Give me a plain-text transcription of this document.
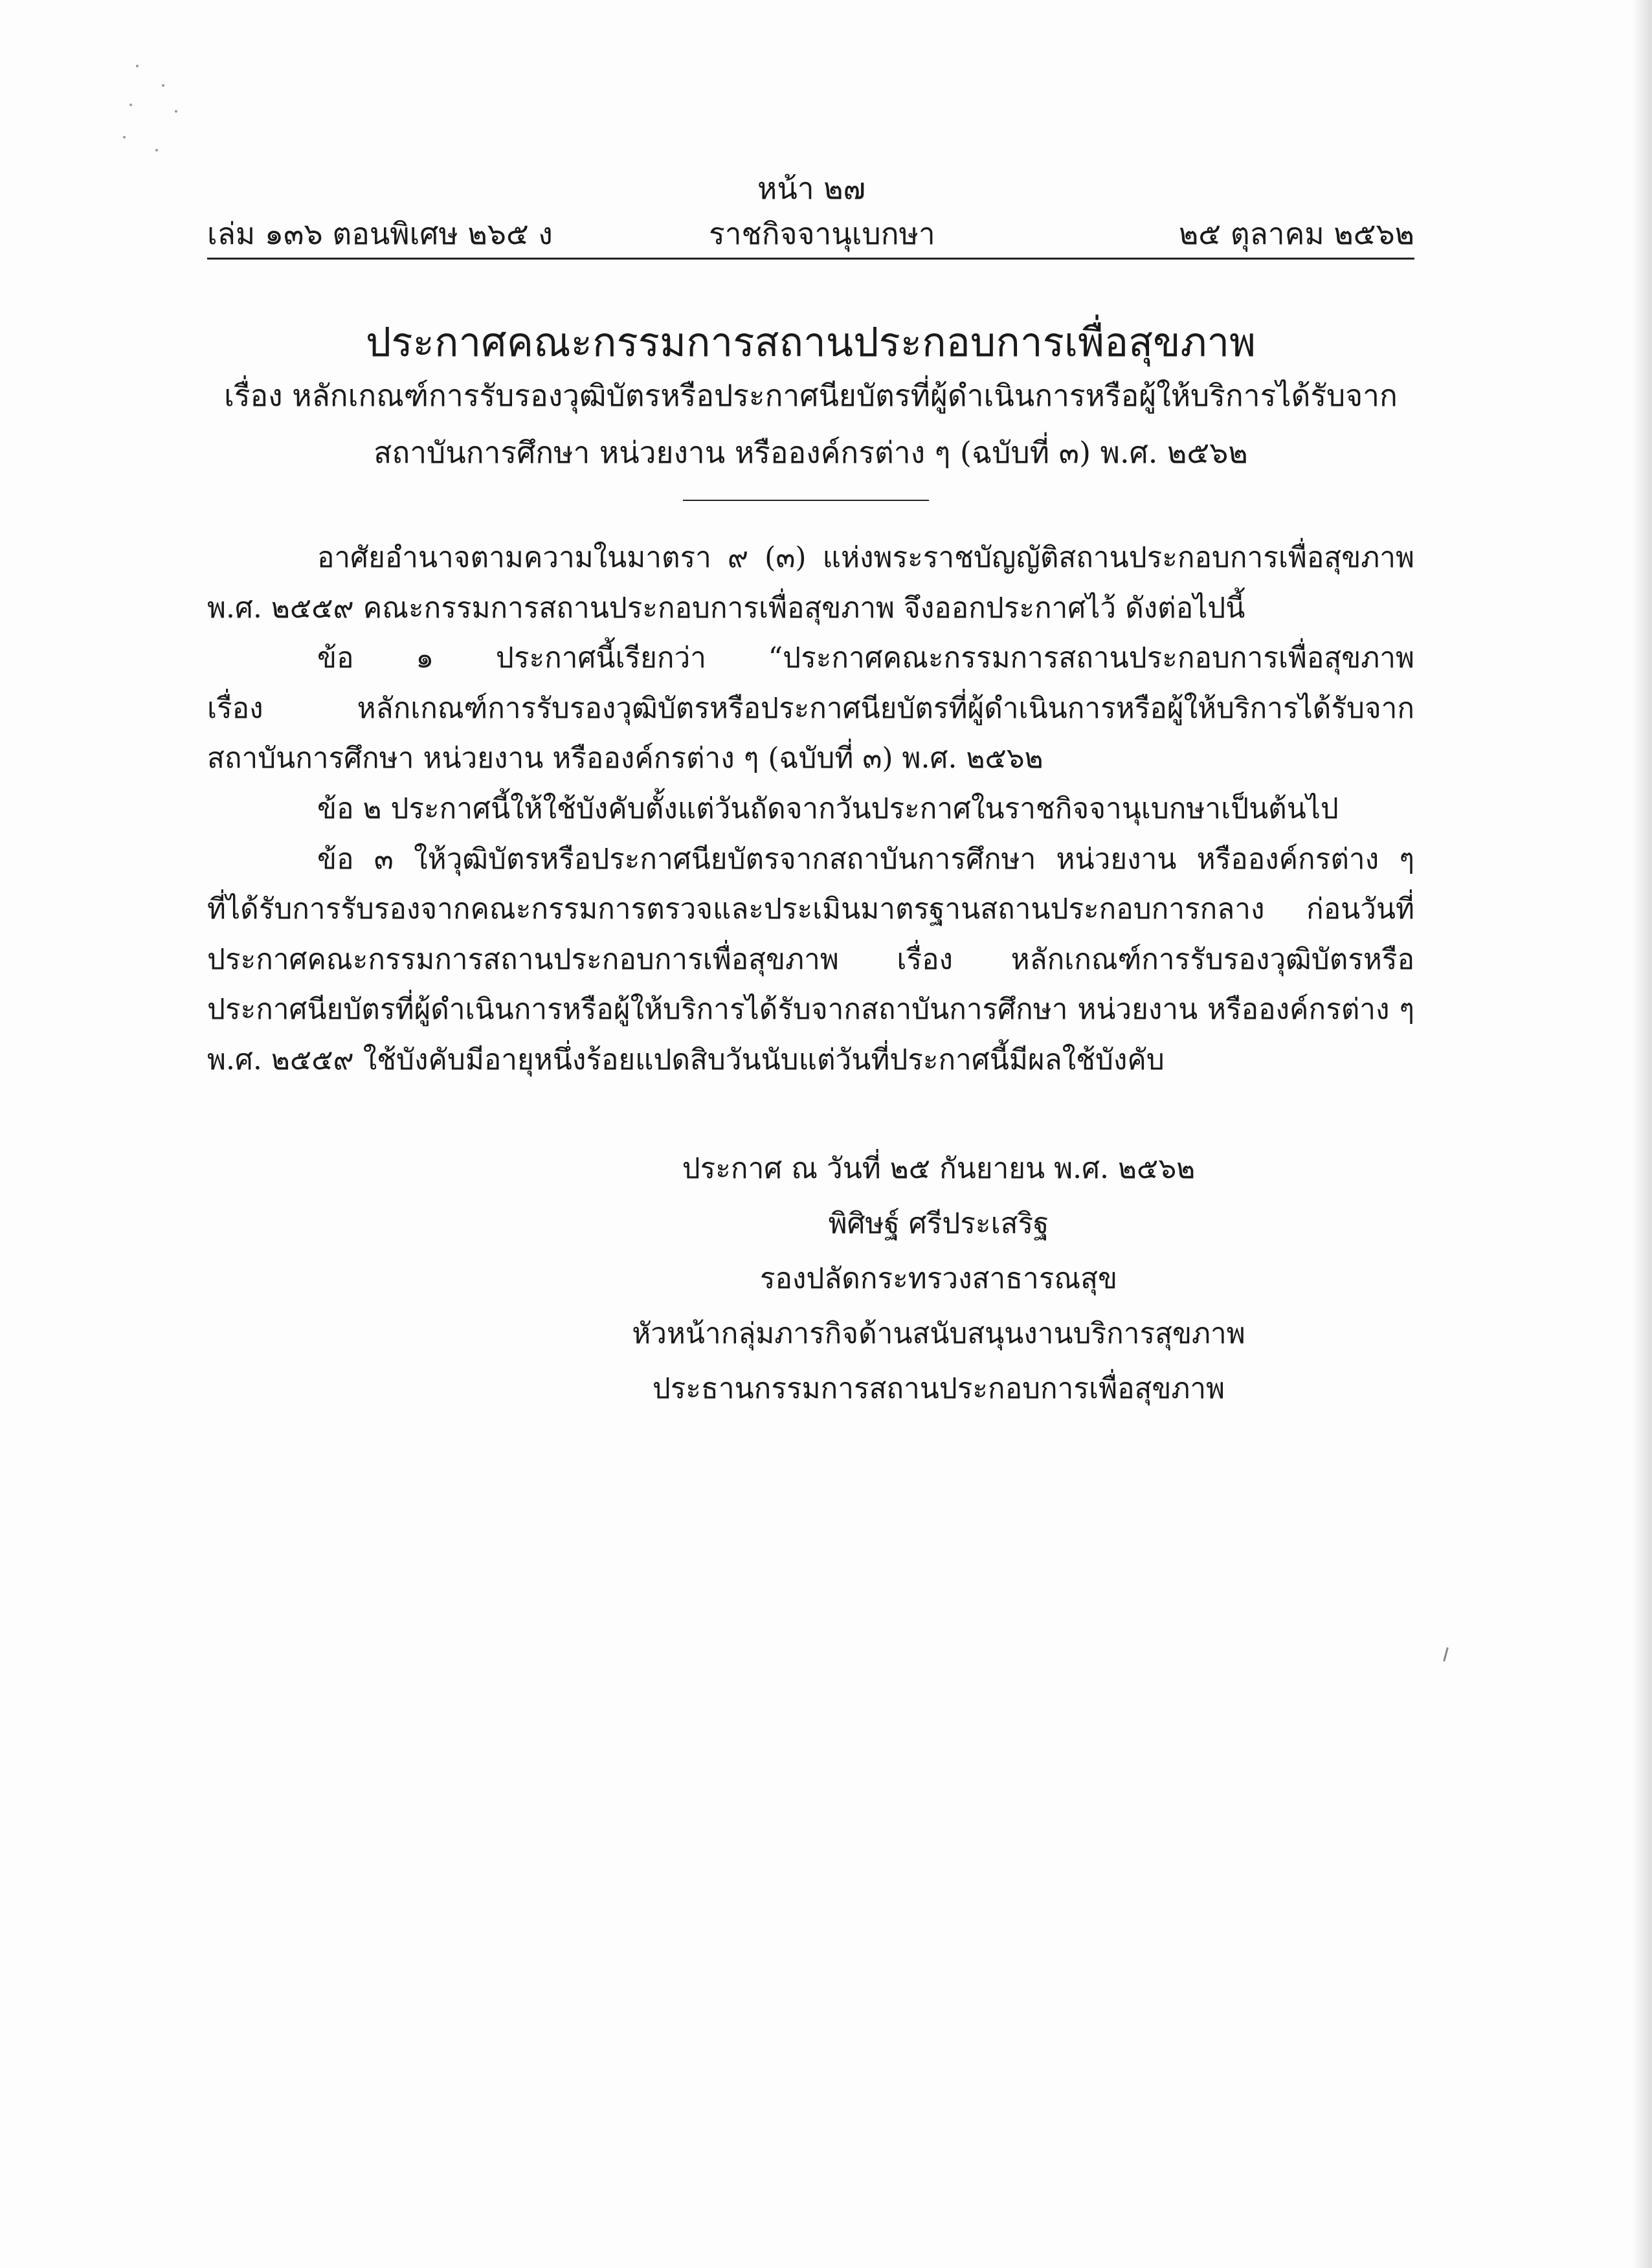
หน้า ๒๗
เล่ม ๑๓๖ ตอนพิเศษ ๒๖๕ ง	ราชกิจจานุเบกษา	๒๕ ตุลาคม ๒๕๖๒
ประกาศคณะกรรมการสถานประกอบการเพื่อสุขภาพ
เรื่อง หลักเกณฑ์การรับรองวุฒิบัตรหรือประกาศนียบัตรที่ผู้ดำเนินการหรือผู้ให้บริการได้รับจาก
สถาบันการศึกษา หน่วยงาน หรือองค์กรต่าง ๆ (ฉบับที่ ๓) พ.ศ. ๒๕๖๒
อาศัยอำนาจตามความในมาตรา ๙ (๓) แห่งพระราชบัญญัติสถานประกอบการเพื่อสุขภาพ
พ.ศ. ๒๕๕๙ คณะกรรมการสถานประกอบการเพื่อสุขภาพ จึงออกประกาศไว้ ดังต่อไปนี้
ข้อ ๑ ประกาศนี้เรียกว่า “ประกาศคณะกรรมการสถานประกอบการเพื่อสุขภาพ
เรื่อง หลักเกณฑ์การรับรองวุฒิบัตรหรือประกาศนียบัตรที่ผู้ดำเนินการหรือผู้ให้บริการได้รับจาก
สถาบันการศึกษา หน่วยงาน หรือองค์กรต่าง ๆ (ฉบับที่ ๓) พ.ศ. ๒๕๖๒
ข้อ ๒ ประกาศนี้ให้ใช้บังคับตั้งแต่วันถัดจากวันประกาศในราชกิจจานุเบกษาเป็นต้นไป
ข้อ ๓ ให้วุฒิบัตรหรือประกาศนียบัตรจากสถาบันการศึกษา หน่วยงาน หรือองค์กรต่าง ๆ
ที่ได้รับการรับรองจากคณะกรรมการตรวจและประเมินมาตรฐานสถานประกอบการกลาง ก่อนวันที่
ประกาศคณะกรรมการสถานประกอบการเพื่อสุขภาพ เรื่อง หลักเกณฑ์การรับรองวุฒิบัตรหรือ
ประกาศนียบัตรที่ผู้ดำเนินการหรือผู้ให้บริการได้รับจากสถาบันการศึกษา หน่วยงาน หรือองค์กรต่าง ๆ
พ.ศ. ๒๕๕๙ ใช้บังคับมีอายุหนึ่งร้อยแปดสิบวันนับแต่วันที่ประกาศนี้มีผลใช้บังคับ
ประกาศ ณ วันที่ ๒๕ กันยายน พ.ศ. ๒๕๖๒
พิศิษฐ์ ศรีประเสริฐ
รองปลัดกระทรวงสาธารณสุข
หัวหน้ากลุ่มภารกิจด้านสนับสนุนงานบริการสุขภาพ
ประธานกรรมการสถานประกอบการเพื่อสุขภาพ
